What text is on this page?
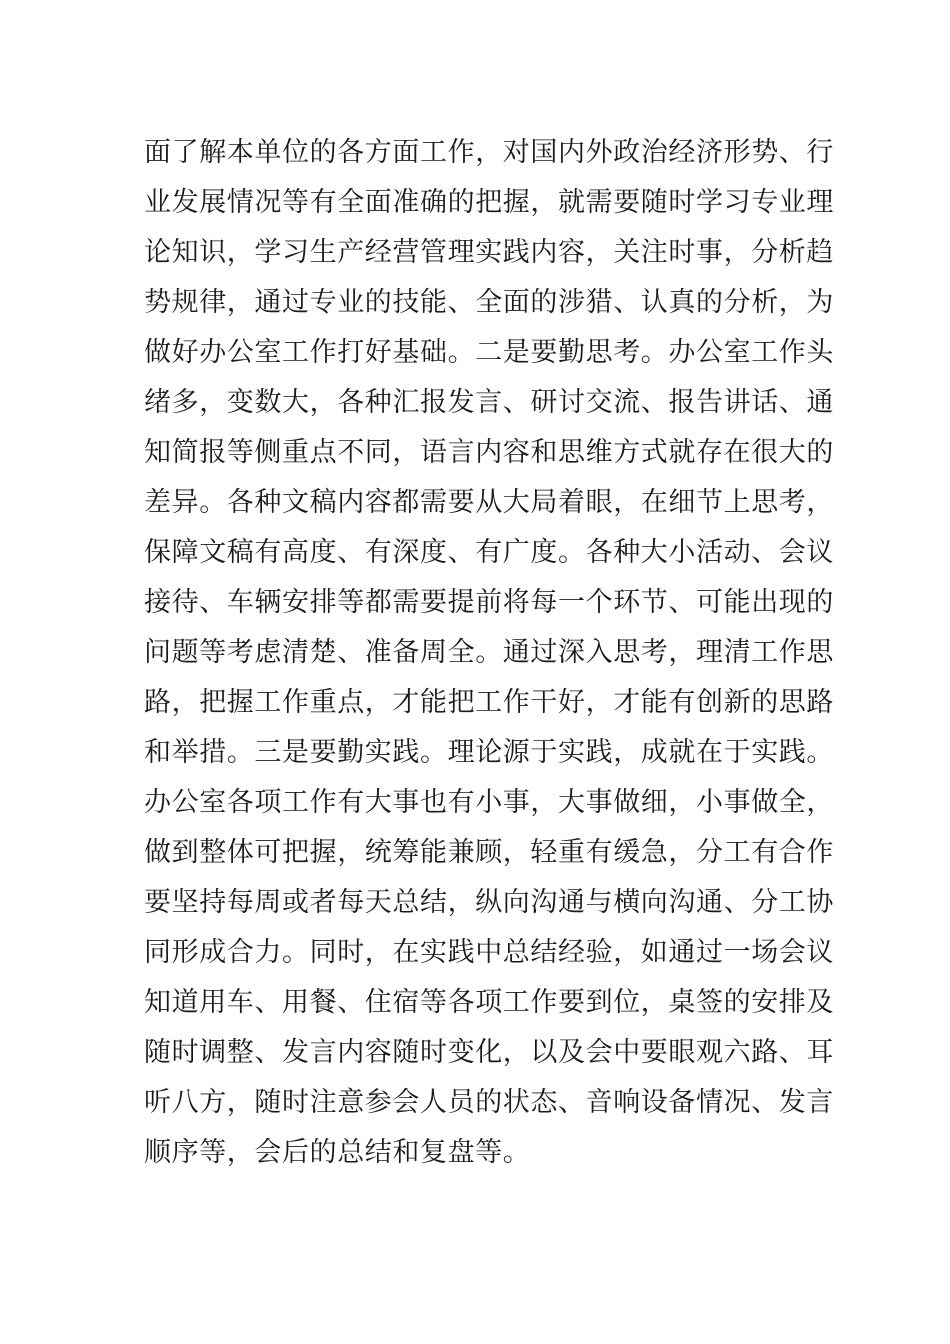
面了解本单位的各方面工作，对国内外政治经济形势、行
业发展情况等有全面准确的把握，就需要随时学习专业理
论知识，学习生产经营管理实践内容，关注时事，分析趋
势规律，通过专业的技能、全面的涉猎、认真的分析，为
做好办公室工作打好基础。二是要勤思考。办公室工作头
绪多，变数大，各种汇报发言、研讨交流、报告讲话、通
知简报等侧重点不同，语言内容和思维方式就存在很大的
差异。各种文稿内容都需要从大局着眼，在细节上思考，
保障文稿有高度、有深度、有广度。各种大小活动、会议
接待、车辆安排等都需要提前将每一个环节、可能出现的
问题等考虑清楚、准备周全。通过深入思考，理清工作思
路，把握工作重点，才能把工作干好，才能有创新的思路
和举措。三是要勤实践。理论源于实践，成就在于实践。
办公室各项工作有大事也有小事，大事做细，小事做全，
做到整体可把握，统筹能兼顾，轻重有缓急，分工有合作
要坚持每周或者每天总结，纵向沟通与横向沟通、分工协
同形成合力。同时，在实践中总结经验，如通过一场会议
知道用车、用餐、住宿等各项工作要到位，桌签的安排及
随时调整、发言内容随时变化，以及会中要眼观六路、耳
听八方，随时注意参会人员的状态、音响设备情况、发言
顺序等，会后的总结和复盘等。
